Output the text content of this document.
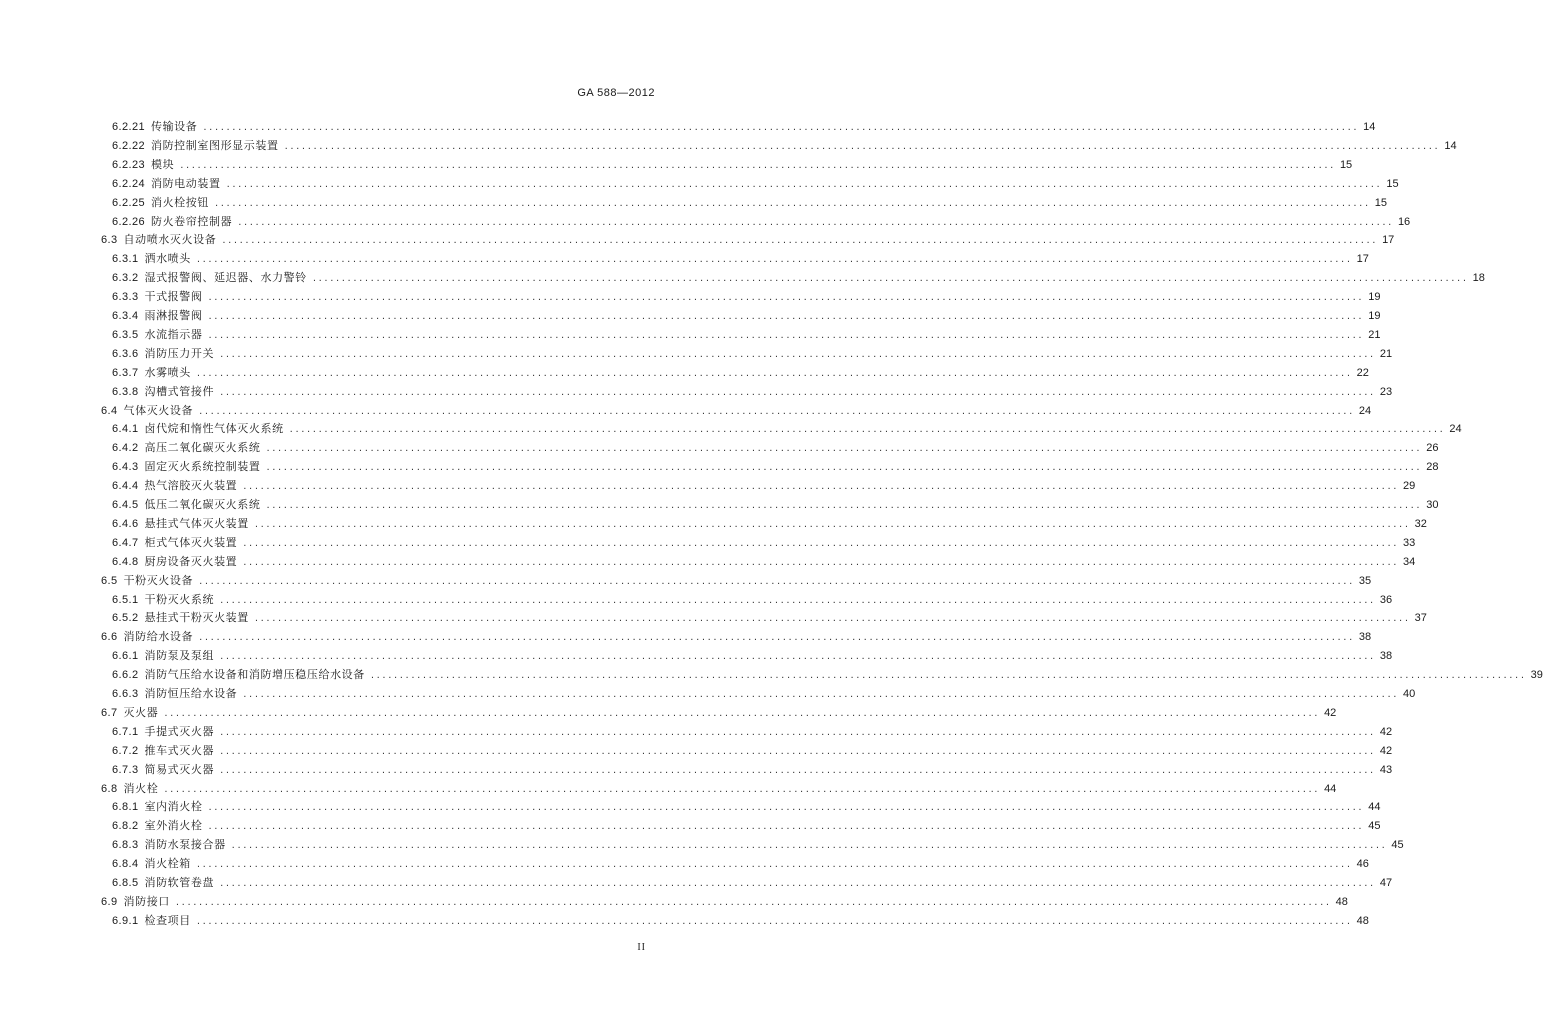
GA 588—2012
6.2.21 传输设备 ........................................................................................................................................................................................................ 14
6.2.22 消防控制室图形显示装置 ........................................................................................................................................................................................................ 14
6.2.23 模块 ........................................................................................................................................................................................................ 15
6.2.24 消防电动装置 ........................................................................................................................................................................................................ 15
6.2.25 消火栓按钮 ........................................................................................................................................................................................................ 15
6.2.26 防火卷帘控制器 ........................................................................................................................................................................................................ 16
6.3 自动喷水灭火设备 ........................................................................................................................................................................................................ 17
6.3.1 洒水喷头 ........................................................................................................................................................................................................ 17
6.3.2 湿式报警阀、延迟器、水力警铃 ........................................................................................................................................................................................................ 18
6.3.3 干式报警阀 ........................................................................................................................................................................................................ 19
6.3.4 雨淋报警阀 ........................................................................................................................................................................................................ 19
6.3.5 水流指示器 ........................................................................................................................................................................................................ 21
6.3.6 消防压力开关 ........................................................................................................................................................................................................ 21
6.3.7 水雾喷头 ........................................................................................................................................................................................................ 22
6.3.8 沟槽式管接件 ........................................................................................................................................................................................................ 23
6.4 气体灭火设备 ........................................................................................................................................................................................................ 24
6.4.1 卤代烷和惰性气体灭火系统 ........................................................................................................................................................................................................ 24
6.4.2 高压二氧化碳灭火系统 ........................................................................................................................................................................................................ 26
6.4.3 固定灭火系统控制装置 ........................................................................................................................................................................................................ 28
6.4.4 热气溶胶灭火装置 ........................................................................................................................................................................................................ 29
6.4.5 低压二氧化碳灭火系统 ........................................................................................................................................................................................................ 30
6.4.6 悬挂式气体灭火装置 ........................................................................................................................................................................................................ 32
6.4.7 柜式气体灭火装置 ........................................................................................................................................................................................................ 33
6.4.8 厨房设备灭火装置 ........................................................................................................................................................................................................ 34
6.5 干粉灭火设备 ........................................................................................................................................................................................................ 35
6.5.1 干粉灭火系统 ........................................................................................................................................................................................................ 36
6.5.2 悬挂式干粉灭火装置 ........................................................................................................................................................................................................ 37
6.6 消防给水设备 ........................................................................................................................................................................................................ 38
6.6.1 消防泵及泵组 ........................................................................................................................................................................................................ 38
6.6.2 消防气压给水设备和消防增压稳压给水设备 ........................................................................................................................................................................................................ 39
6.6.3 消防恒压给水设备 ........................................................................................................................................................................................................ 40
6.7 灭火器 ........................................................................................................................................................................................................ 42
6.7.1 手提式灭火器 ........................................................................................................................................................................................................ 42
6.7.2 推车式灭火器 ........................................................................................................................................................................................................ 42
6.7.3 简易式灭火器 ........................................................................................................................................................................................................ 43
6.8 消火栓 ........................................................................................................................................................................................................ 44
6.8.1 室内消火栓 ........................................................................................................................................................................................................ 44
6.8.2 室外消火栓 ........................................................................................................................................................................................................ 45
6.8.3 消防水泵接合器 ........................................................................................................................................................................................................ 45
6.8.4 消火栓箱 ........................................................................................................................................................................................................ 46
6.8.5 消防软管卷盘 ........................................................................................................................................................................................................ 47
6.9 消防接口 ........................................................................................................................................................................................................ 48
6.9.1 检查项目 ........................................................................................................................................................................................................ 48
II
